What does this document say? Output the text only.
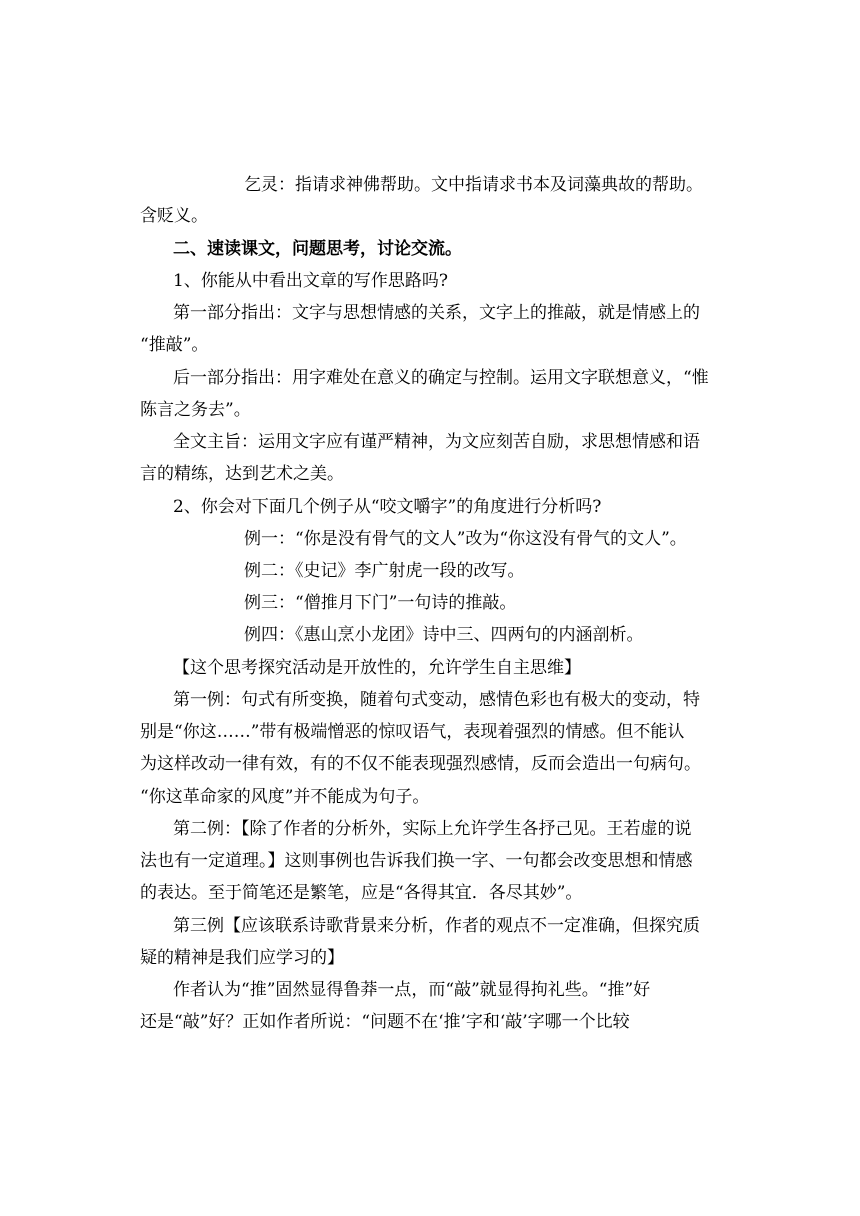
乞灵：指请求神佛帮助。文中指请求书本及词藻典故的帮助。
含贬义。
二、速读课文，问题思考，讨论交流。
1、你能从中看出文章的写作思路吗?
第一部分指出：文字与思想情感的关系，文字上的推敲，就是情感上的
“推敲”。
后一部分指出：用字难处在意义的确定与控制。运用文字联想意义，“惟
陈言之务去”。
全文主旨：运用文字应有谨严精神，为文应刻苦自励，求思想情感和语
言的精练，达到艺术之美。
2、你会对下面几个例子从“咬文嚼字”的角度进行分析吗?
例一：“你是没有骨气的文人”改为“你这没有骨气的文人”。
例二：《史记》李广射虎一段的改写。
例三：“僧推月下门”一句诗的推敲。
例四：《惠山烹小龙团》诗中三、四两句的内涵剖析。
【这个思考探究活动是开放性的，允许学生自主思维】
第一例：句式有所变换，随着句式变动，感情色彩也有极大的变动，特
别是“你这……”带有极端憎恶的惊叹语气，表现着强烈的情感。但不能认
为这样改动一律有效，有的不仅不能表现强烈感情，反而会造出一句病句。
“你这革命家的风度”并不能成为句子。
第二例：【除了作者的分析外，实际上允许学生各抒己见。王若虚的说
法也有一定道理。】这则事例也告诉我们换一字、一句都会改变思想和情感
的表达。至于简笔还是繁笔，应是“各得其宜．各尽其妙”。
第三例【应该联系诗歌背景来分析，作者的观点不一定准确，但探究质
疑的精神是我们应学习的】
作者认为“推”固然显得鲁莽一点，而“敲”就显得拘礼些。“推”好
还是“敲”好？正如作者所说：“问题不在‘推’字和‘敲’字哪一个比较
